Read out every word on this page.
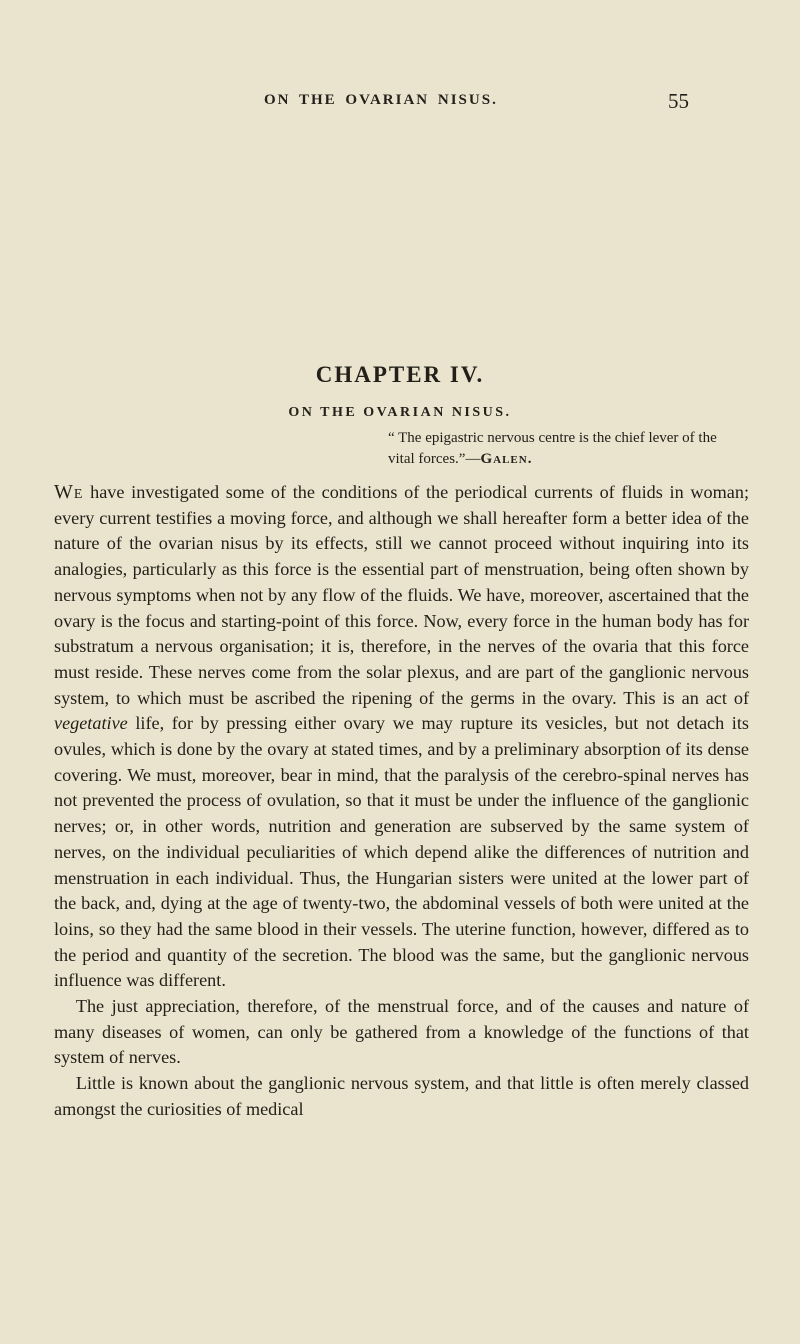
ON THE OVARIAN NISUS.	55
CHAPTER IV.
ON THE OVARIAN NISUS.

“ The epigastric nervous centre is the chief lever of the vital forces.”—Galen.

We have investigated some of the conditions of the periodical currents of fluids in woman; every current testifies a moving force, and although we shall hereafter form a better idea of the nature of the ovarian nisus by its effects, still we cannot proceed without inquiring into its analogies, particularly as this force is the essential part of menstruation, being often shown by nervous symptoms when not by any flow of the fluids. We have, moreover, ascertained that the ovary is the focus and starting-point of this force. Now, every force in the human body has for substratum a nervous organisation; it is, therefore, in the nerves of the ovaria that this force must reside. These nerves come from the solar plexus, and are part of the ganglionic nervous system, to which must be ascribed the ripening of the germs in the ovary. This is an act of vegetative life, for by pressing either ovary we may rupture its vesicles, but not detach its ovules, which is done by the ovary at stated times, and by a preliminary absorption of its dense covering. We must, moreover, bear in mind, that the paralysis of the cerebro-spinal nerves has not prevented the process of ovulation, so that it must be under the influence of the ganglionic nerves; or, in other words, nutrition and generation are subserved by the same system of nerves, on the individual peculiarities of which depend alike the differences of nutrition and menstruation in each individual. Thus, the Hungarian sisters were united at the lower part of the back, and, dying at the age of twenty-two, the abdominal vessels of both were united at the loins, so they had the same blood in their vessels. The uterine function, however, differed as to the period and quantity of the secretion. The blood was the same, but the ganglionic nervous influence was different.

The just appreciation, therefore, of the menstrual force, and of the causes and nature of many diseases of women, can only be gathered from a knowledge of the functions of that system of nerves.

Little is known about the ganglionic nervous system, and that little is often merely classed amongst the curiosities of medical
